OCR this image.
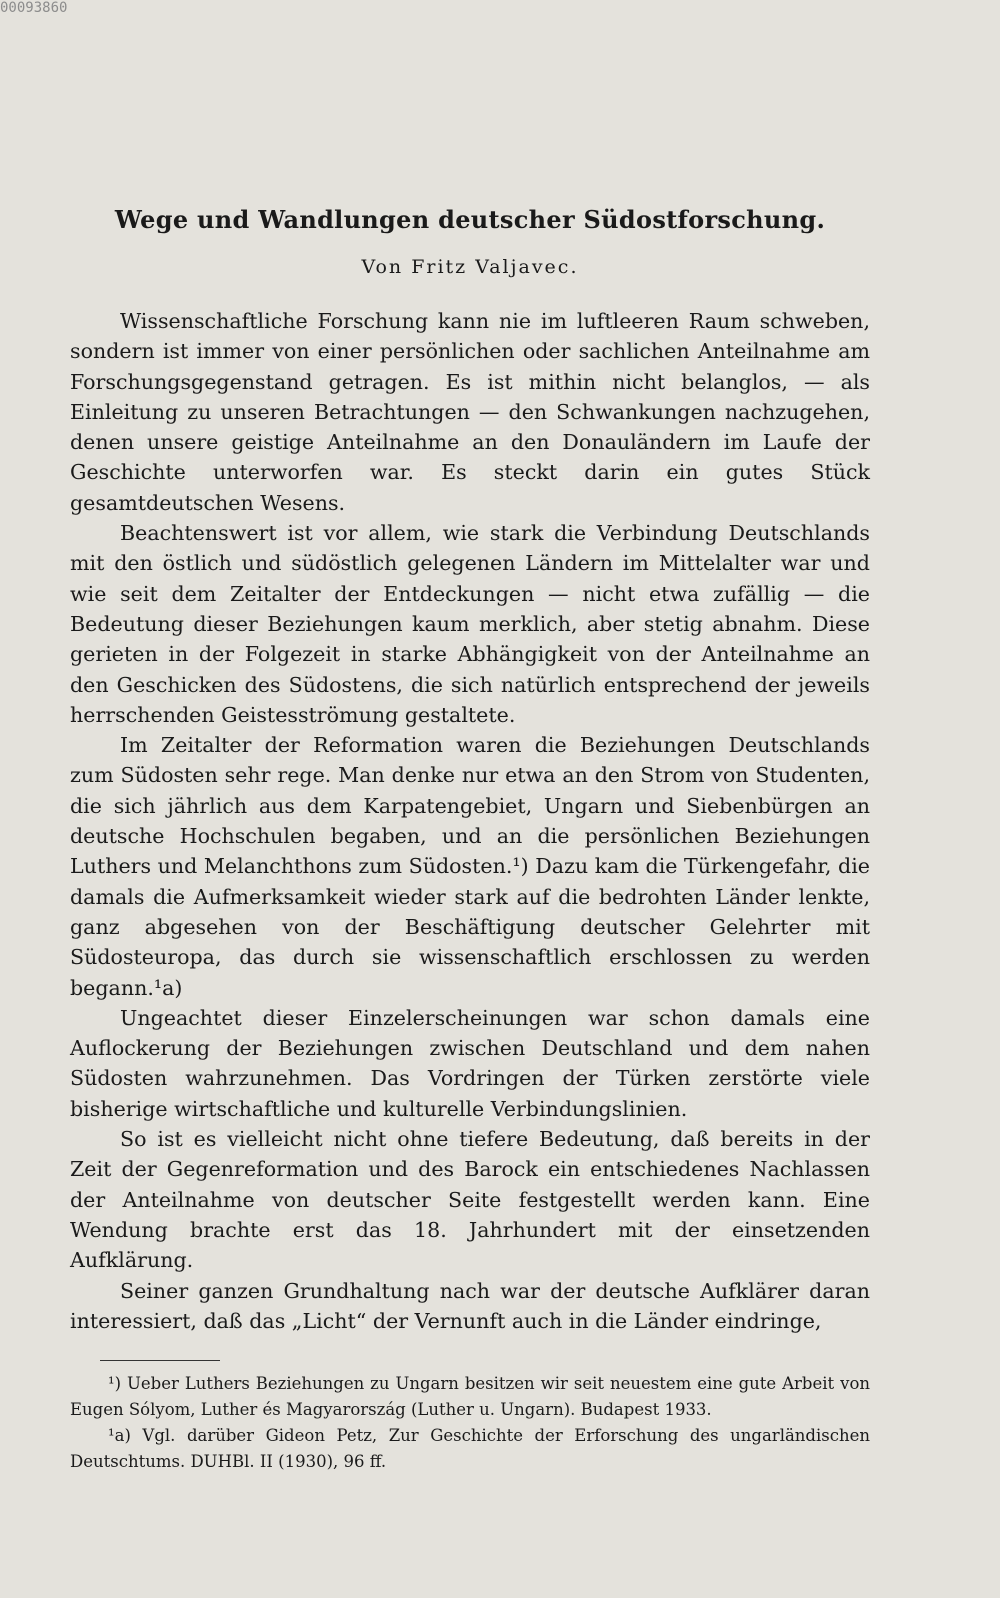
00093860
Wege und Wandlungen deutscher Südostforschung.
Von Fritz Valjavec.

Wissenschaftliche Forschung kann nie im luftleeren Raum schweben, sondern ist immer von einer persönlichen oder sachlichen Anteilnahme am Forschungsgegenstand getragen. Es ist mithin nicht belanglos, — als Einleitung zu unseren Betrachtungen — den Schwankungen nachzugehen, denen unsere geistige Anteilnahme an den Donauländern im Laufe der Geschichte unterworfen war. Es steckt darin ein gutes Stück gesamtdeutschen Wesens.

Beachtenswert ist vor allem, wie stark die Verbindung Deutschlands mit den östlich und südöstlich gelegenen Ländern im Mittelalter war und wie seit dem Zeitalter der Entdeckungen — nicht etwa zufällig — die Bedeutung dieser Beziehungen kaum merklich, aber stetig abnahm. Diese gerieten in der Folgezeit in starke Abhängigkeit von der Anteilnahme an den Geschicken des Südostens, die sich natürlich entsprechend der jeweils herrschenden Geistesströmung gestaltete.

Im Zeitalter der Reformation waren die Beziehungen Deutschlands zum Südosten sehr rege. Man denke nur etwa an den Strom von Studenten, die sich jährlich aus dem Karpatengebiet, Ungarn und Siebenbürgen an deutsche Hochschulen begaben, und an die persönlichen Beziehungen Luthers und Melanchthons zum Südosten.¹) Dazu kam die Türkengefahr, die damals die Aufmerksamkeit wieder stark auf die bedrohten Länder lenkte, ganz abgesehen von der Beschäftigung deutscher Gelehrter mit Südosteuropa, das durch sie wissenschaftlich erschlossen zu werden begann.¹a)

Ungeachtet dieser Einzelerscheinungen war schon damals eine Auflockerung der Beziehungen zwischen Deutschland und dem nahen Südosten wahrzunehmen. Das Vordringen der Türken zerstörte viele bisherige wirtschaftliche und kulturelle Verbindungslinien.

So ist es vielleicht nicht ohne tiefere Bedeutung, daß bereits in der Zeit der Gegenreformation und des Barock ein entschiedenes Nachlassen der Anteilnahme von deutscher Seite festgestellt werden kann. Eine Wendung brachte erst das 18. Jahrhundert mit der einsetzenden Aufklärung.

Seiner ganzen Grundhaltung nach war der deutsche Aufklärer daran interessiert, daß das „Licht“ der Vernunft auch in die Länder eindringe,

¹) Ueber Luthers Beziehungen zu Ungarn besitzen wir seit neuestem eine gute Arbeit von Eugen Sólyom, Luther és Magyarország (Luther u. Ungarn). Budapest 1933.

¹a) Vgl. darüber Gideon Petz, Zur Geschichte der Erforschung des ungarländischen Deutschtums. DUHBl. II (1930), 96 ff.
